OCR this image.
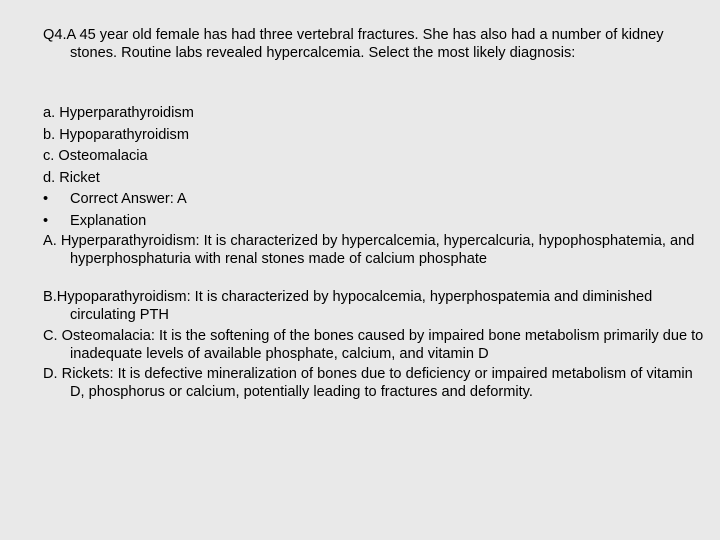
Q4.A 45 year old female has had three vertebral fractures. She has also had a number of kidney stones. Routine labs revealed hypercalcemia. Select the most likely diagnosis:

a. Hyperparathyroidism
b. Hypoparathyroidism
c. Osteomalacia
d. Ricket
•	Correct Answer: A
•	Explanation

A. Hyperparathyroidism: It is characterized by hypercalcemia, hypercalcuria, hypophosphatemia, and hyperphosphaturia with renal stones made of calcium phosphate

B.Hypoparathyroidism: It is characterized by hypocalcemia, hyperphospatemia and diminished circulating PTH

C. Osteomalacia: It is the softening of the bones caused by impaired bone metabolism primarily due to inadequate levels of available phosphate, calcium, and vitamin D

D. Rickets: It is defective mineralization of bones due to deficiency or impaired metabolism of vitamin D, phosphorus or calcium, potentially leading to fractures and deformity.
